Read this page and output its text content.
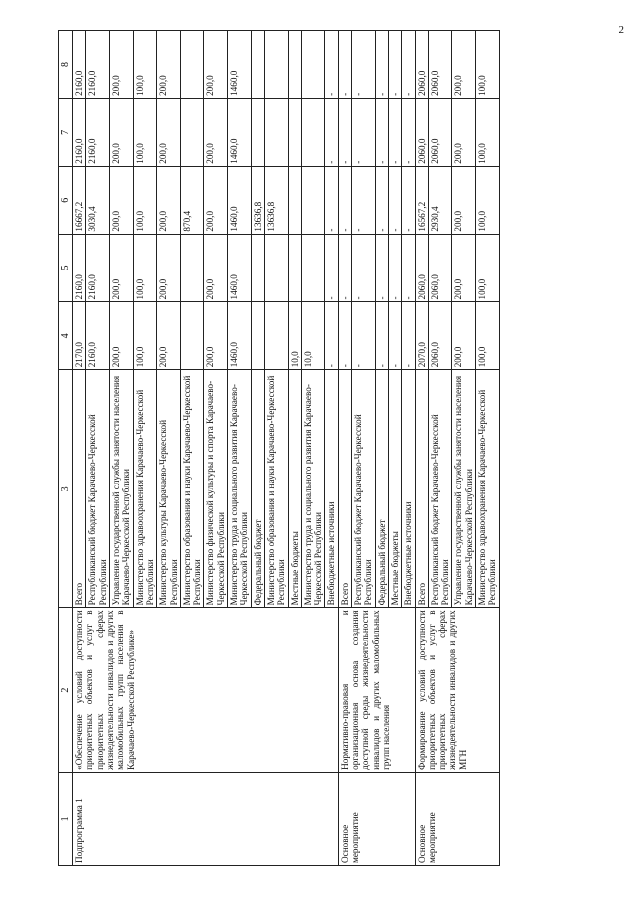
2
1	2	3	4	5	6	7	8
Подпрограмма 1	«Обеспечение условий доступности приоритетных объектов и услуг в приоритетных сферах жизнедеятельности инвалидов и других маломобильных групп населения в Карачаево-Черкесской Республике»	Всего	2170,0	2160,0	16667,2	2160,0	2160,0
		Республиканский бюджет Карачаево-Черкесской Республики	2160,0	2160,0	3030,4	2160,0	2160,0
		Управление государственной службы занятости населения Карачаево-Черкесской Республики	200,0	200,0	200,0	200,0	200,0
		Министерство здравоохранения Карачаево-Черкесской Республики	100,0	100,0	100,0	100,0	100,0
		Министерство культуры Карачаево-Черкесской Республики	200,0	200,0	200,0	200,0	200,0
		Министерство образования и науки Карачаево-Черкесской Республики			870,4		
		Министерство физической культуры и спорта Карачаево-Черкесской Республики	200,0	200,0	200,0	200,0	200,0
		Министерство труда и социального развития Карачаево-Черкесской Республики	1460,0	1460,0	1460,0	1460,0	1460,0
		Федеральный бюджет			13636,8		
		Министерство образования и науки Карачаево-Черкесской Республики			13636,8		
		Местные бюджеты	10,0				
		Министерство труда и социального развития Карачаево-Черкесской Республики	10,0				
		Внебюджетные источники	-	-	-	-	-
Основное мероприятие	Нормативно-правовая и организационная основа создания доступной среды жизнедеятельности инвалидов и других маломобильных групп населения	Всего	-	-	-	-	-
		Республиканский бюджет Карачаево-Черкесской Республики	-	-	-	-	-
		Федеральный бюджет	-	-	-	-	-
		Местные бюджеты	-	-	-	-	-
		Внебюджетные источники	-	-	-	-	-
Основное мероприятие	Формирование условий доступности приоритетных объектов и услуг в приоритетных сферах жизнедеятельности инвалидов и других МГН	Всего	2070,0	2060,0	16567,2	2060,0	2060,0
		Республиканский бюджет Карачаево-Черкесской Республики	2060,0	2060,0	2930,4	2060,0	2060,0
		Управление государственной службы занятости населения Карачаево-Черкесской Республики	200,0	200,0	200,0	200,0	200,0
		Министерство здравоохранения Карачаево-Черкесской Республики	100,0	100,0	100,0	100,0	100,0
